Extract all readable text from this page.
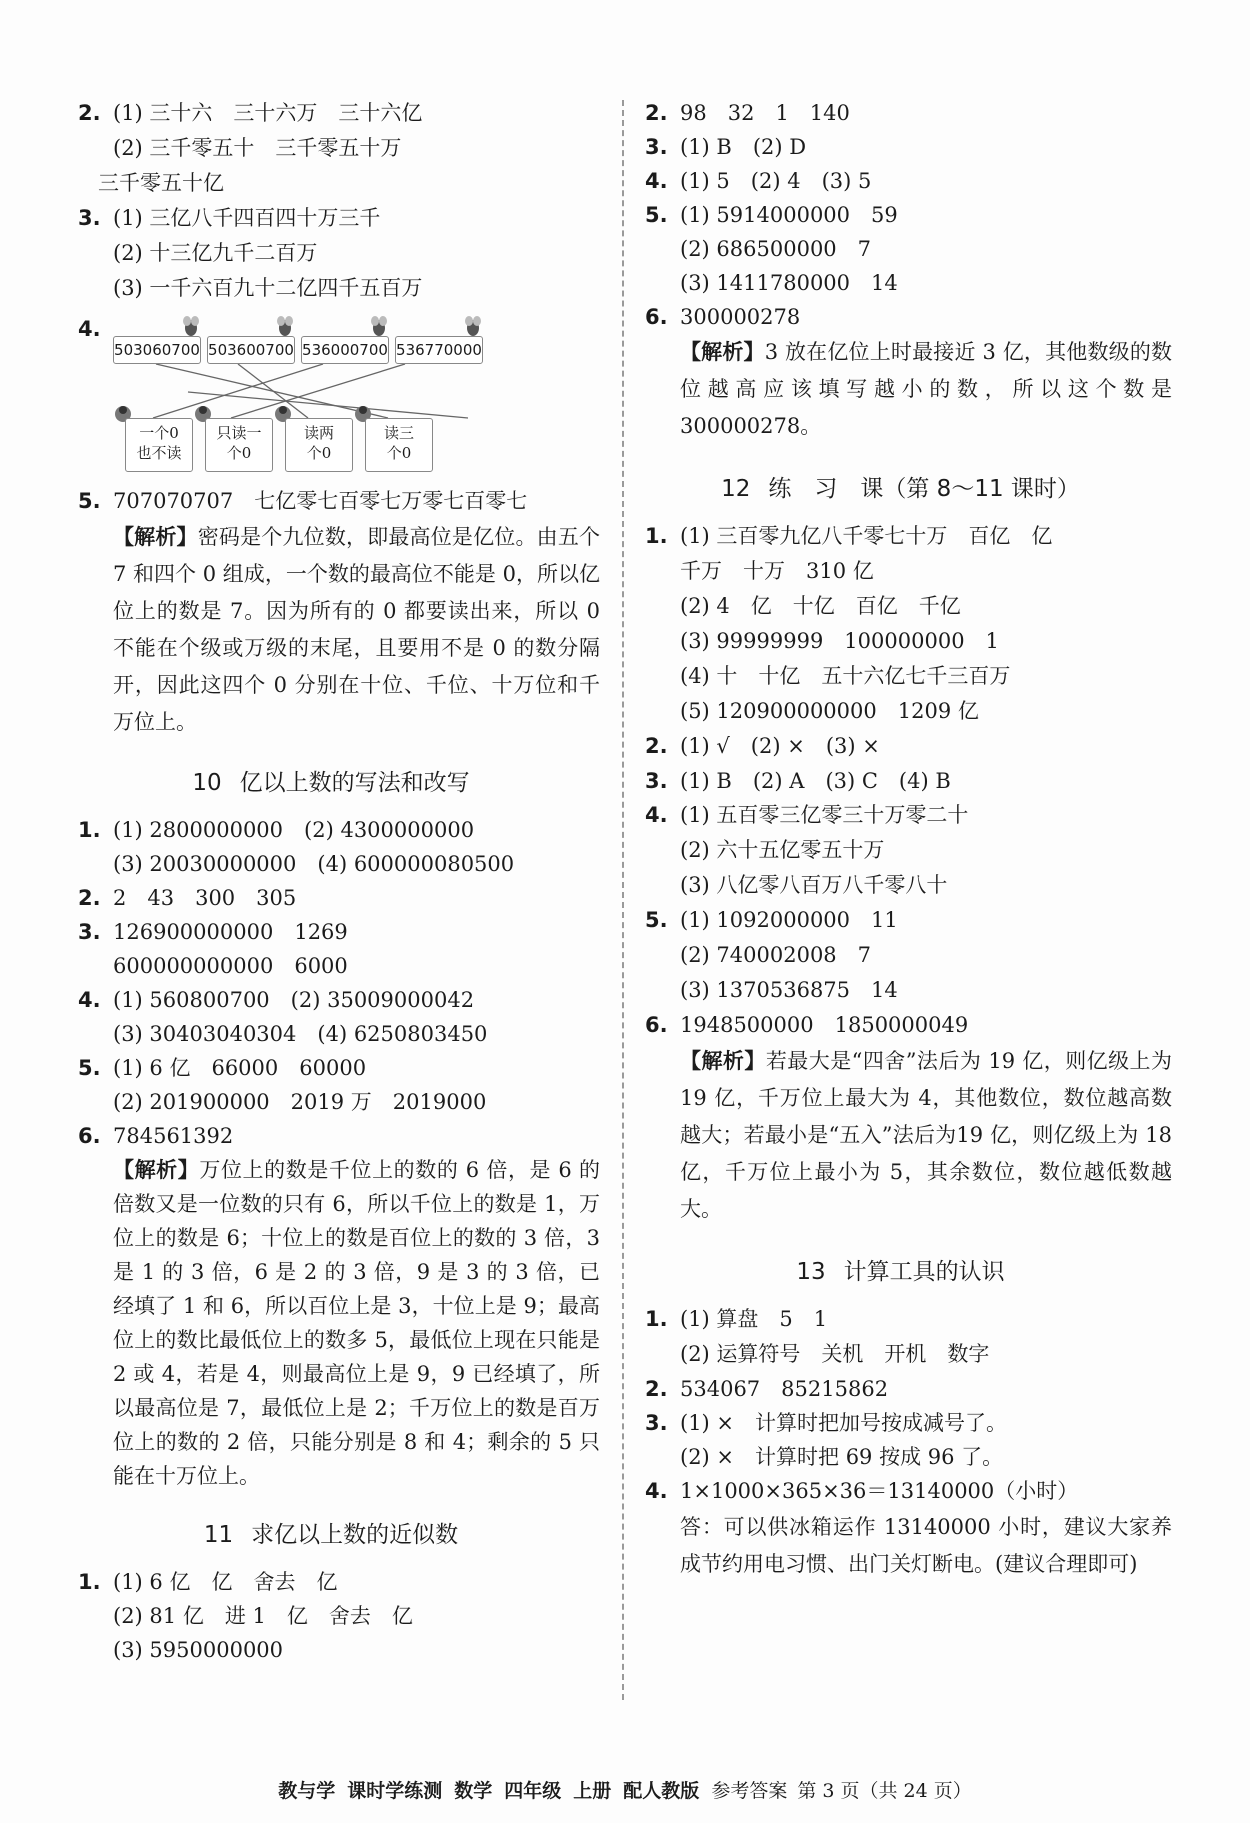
2. (1) 三十六　三十六万　三十六亿
(2) 三千零五十　三千零五十万
三千零五十亿
3. (1) 三亿八千四百四十万三千
(2) 十三亿九千二百万
(3) 一千六百九十二亿四千五百万
4.
503060700 503600700 536000700 536770000
一个0
也不读
只读一
个0
读两
个0
读三
个0
5. 707070707　七亿零七百零七万零七百零七
【解析】密码是个九位数，即最高位是亿位。由五个 7 和四个 0 组成，一个数的最高位不能是 0，所以亿位上的数是 7。因为所有的 0 都要读出来，所以 0 不能在个级或万级的末尾，且要用不是 0 的数分隔开，因此这四个 0 分别在十位、千位、十万位和千万位上。
10 亿以上数的写法和改写
1. (1) 2800000000　(2) 4300000000
(3) 20030000000　(4) 600000080500
2. 2　43　300　305
3. 126900000000　1269
600000000000　6000
4. (1) 560800700　(2) 35009000042
(3) 30403040304　(4) 6250803450
5. (1) 6 亿　66000　60000
(2) 201900000　2019 万　2019000
6. 784561392
【解析】万位上的数是千位上的数的 6 倍，是 6 的倍数又是一位数的只有 6，所以千位上的数是 1，万位上的数是 6；十位上的数是百位上的数的 3 倍，3 是 1 的 3 倍，6 是 2 的 3 倍，9 是 3 的 3 倍，已经填了 1 和 6，所以百位上是 3，十位上是 9；最高位上的数比最低位上的数多 5，最低位上现在只能是 2 或 4，若是 4，则最高位上是 9，9 已经填了，所以最高位是 7，最低位上是 2；千万位上的数是百万位上的数的 2 倍，只能分别是 8 和 4；剩余的 5 只能在十万位上。
11 求亿以上数的近似数
1. (1) 6 亿　亿　舍去　亿
(2) 81 亿　进 1　亿　舍去　亿
(3) 5950000000
2. 98　32　1　140
3. (1) B　(2) D
4. (1) 5　(2) 4　(3) 5
5. (1) 5914000000　59
(2) 686500000　7
(3) 1411780000　14
6. 300000278
【解析】3 放在亿位上时最接近 3 亿，其他数级的数位越高应该填写越小的数，所以这个数是 300000278。
12 练　习　课（第 8～11 课时）
1. (1) 三百零九亿八千零七十万　百亿　亿
千万　十万　310 亿
(2) 4　亿　十亿　百亿　千亿
(3) 99999999　100000000　1
(4) 十　十亿　五十六亿七千三百万
(5) 120900000000　1209 亿
2. (1) √　(2) ×　(3) ×
3. (1) B　(2) A　(3) C　(4) B
4. (1) 五百零三亿零三十万零二十
(2) 六十五亿零五十万
(3) 八亿零八百万八千零八十
5. (1) 1092000000　11
(2) 740002008　7
(3) 1370536875　14
6. 1948500000　1850000049
【解析】若最大是“四舍”法后为 19 亿，则亿级上为 19 亿，千万位上最大为 4，其他数位，数位越高数越大；若最小是“五入”法后为19 亿，则亿级上为 18 亿，千万位上最小为 5，其余数位，数位越低数越大。
13 计算工具的认识
1. (1) 算盘　5　1
(2) 运算符号　关机　开机　数字
2. 534067　85215862
3. (1) ×　计算时把加号按成减号了。
(2) ×　计算时把 69 按成 96 了。
4. 1×1000×365×36＝13140000（小时）
答：可以供冰箱运作 13140000 小时，建议大家养成节约用电习惯、出门关灯断电。(建议合理即可)
教与学 课时学练测 数学 四年级 上册 配人教版 参考答案 第 3 页（共 24 页）
